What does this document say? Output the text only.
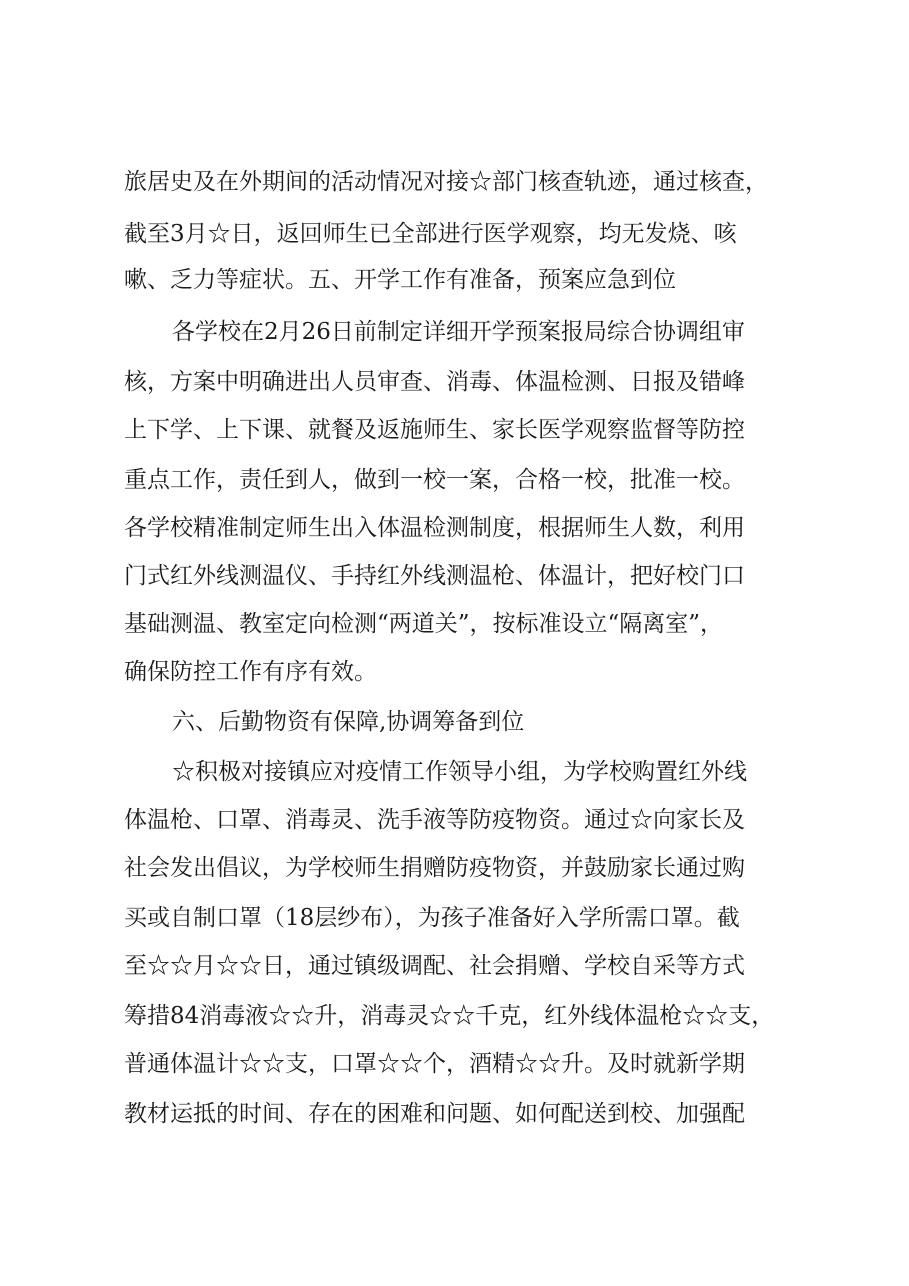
旅居史及在外期间的活动情况对接☆部门核查轨迹，通过核查，
截至3月☆日，返回师生已全部进行医学观察，均无发烧、咳
嗽、乏力等症状。五、开学工作有准备，预案应急到位
各学校在2月26日前制定详细开学预案报局综合协调组审
核，方案中明确进出人员审查、消毒、体温检测、日报及错峰
上下学、上下课、就餐及返施师生、家长医学观察监督等防控
重点工作，责任到人，做到一校一案，合格一校，批准一校。
各学校精准制定师生出入体温检测制度，根据师生人数，利用
门式红外线测温仪、手持红外线测温枪、体温计，把好校门口
基础测温、教室定向检测“两道关”，按标准设立“隔离室”，
确保防控工作有序有效。
六、后勤物资有保障,协调筹备到位
☆积极对接镇应对疫情工作领导小组，为学校购置红外线
体温枪、口罩、消毒灵、洗手液等防疫物资。通过☆向家长及
社会发出倡议，为学校师生捐赠防疫物资，并鼓励家长通过购
买或自制口罩（18层纱布），为孩子准备好入学所需口罩。截
至☆☆月☆☆日，通过镇级调配、社会捐赠、学校自采等方式
筹措84消毒液☆☆升，消毒灵☆☆千克，红外线体温枪☆☆支，
普通体温计☆☆支，口罩☆☆个，酒精☆☆升。及时就新学期
教材运抵的时间、存在的困难和问题、如何配送到校、加强配
